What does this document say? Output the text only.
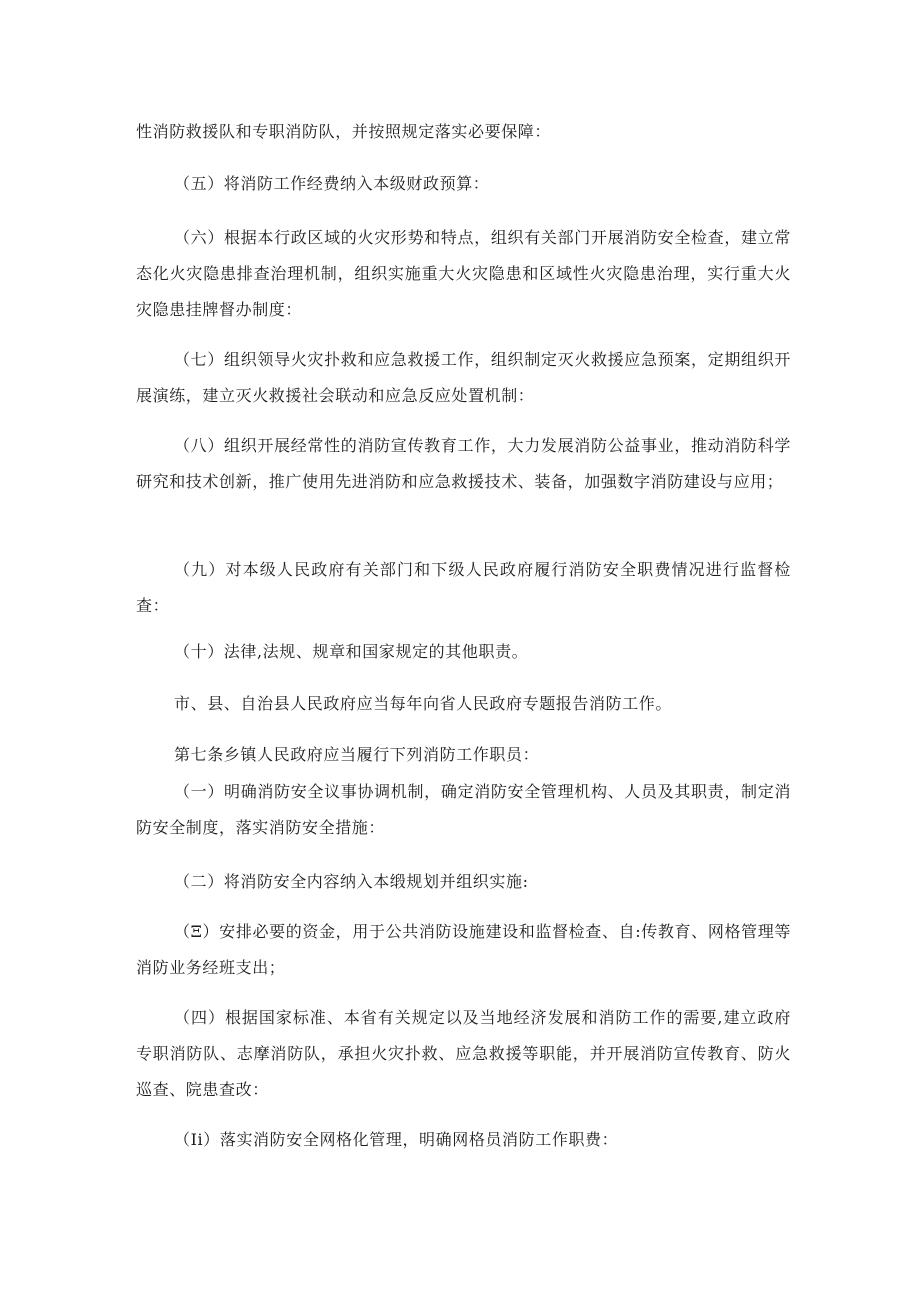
性消防救援队和专职消防队，并按照规定落实必要保障：

（五）将消防工作经费纳入本级财政预算：

（六）根据本行政区域的火灾形势和特点，组织有关部门开展消防安全检查，建立常态化火灾隐患排查治理机制，组织实施重大火灾隐患和区域性火灾隐患治理，实行重大火灾隐患挂牌督办制度：

（七）组织领导火灾扑救和应急救援工作，组织制定灭火救援应急预案，定期组织开展演练，建立灭火救援社会联动和应急反应处置机制：

（八）组织开展经常性的消防宣传教育工作，大力发展消防公益事业，推动消防科学研究和技术创新，推广使用先进消防和应急救援技术、装备，加强数字消防建设与应用；

（九）对本级人民政府有关部门和下级人民政府履行消防安全职费情况进行监督检查：

（十）法律,法规、规章和国家规定的其他职责。

市、县、自治县人民政府应当每年向省人民政府专题报告消防工作。

第七条乡镇人民政府应当履行下列消防工作职员：

（一）明确消防安全议事协调机制，确定消防安全管理机构、人员及其职责，制定消防安全制度，落实消防安全措施：

（二）将消防安全内容纳入本缎规划并组织实施:

（Ξ）安排必要的资金，用于公共消防设施建设和监督检查、自:传教育、网格管理等消防业务经班支出；

（四）根据国家标准、本省有关规定以及当地经济发展和消防工作的需要,建立政府专职消防队、志摩消防队，承担火灾扑救、应急救援等职能，并开展消防宣传教育、防火巡查、院患查改：

（Ii）落实消防安全网格化管理，明确网格员消防工作职费：
